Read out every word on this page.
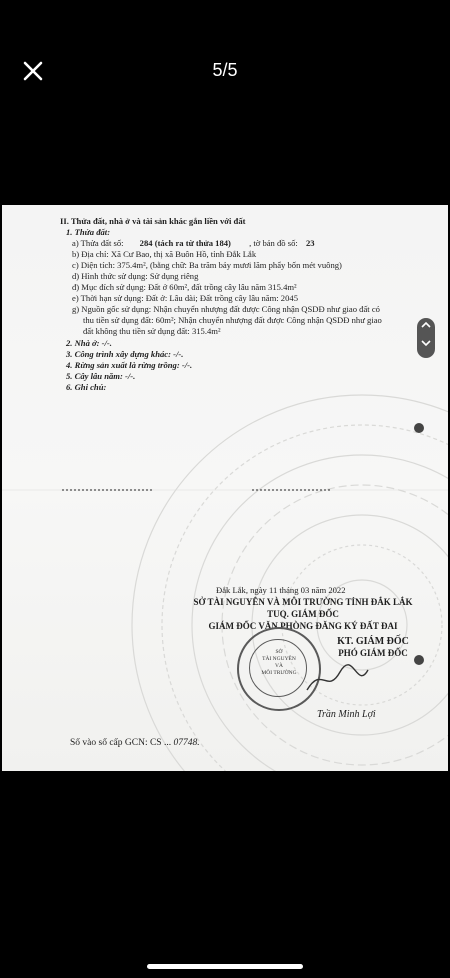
5/5
II. Thửa đất, nhà ở và tài sản khác gắn liền với đất
1. Thửa đất:
a) Thửa đất số: 284 (tách ra từ thửa 184) , tờ bản đồ số: 23
b) Địa chỉ: Xã Cư Bao, thị xã Buôn Hồ, tỉnh Đắk Lắk
c) Diện tích: 375.4m², (bằng chữ: Ba trăm bảy mươi lăm phẩy bốn mét vuông)
d) Hình thức sử dụng: Sử dụng riêng
đ) Mục đích sử dụng: Đất ở 60m², đất trồng cây lâu năm 315.4m²
e) Thời hạn sử dụng: Đất ở: Lâu dài; Đất trồng cây lâu năm: 2045
g) Nguồn gốc sử dụng: Nhận chuyển nhượng đất được Công nhận QSDĐ như giao đất có
thu tiền sử dụng đất: 60m²; Nhận chuyển nhượng đất được Công nhận QSDĐ như giao
đất không thu tiền sử dụng đất: 315.4m²
2. Nhà ở: -/-.
3. Công trình xây dựng khác: -/-.
4. Rừng sản xuất là rừng trồng: -/-.
5. Cây lâu năm: -/-.
6. Ghi chú:
Đắk Lắk, ngày 11 tháng 03 năm 2022
SỞ TÀI NGUYÊN VÀ MÔI TRƯỜNG TỈNH ĐẮK LẮK
TUQ. GIÁM ĐỐC
GIÁM ĐỐC VĂN PHÒNG ĐĂNG KÝ ĐẤT ĐAI
KT. GIÁM ĐỐC
PHÓ GIÁM ĐỐC
SỞ
TÀI NGUYÊN
VÀ
MÔI TRƯỜNG
Trần Minh Lợi
Số vào sổ cấp GCN: CS ... 07748.
